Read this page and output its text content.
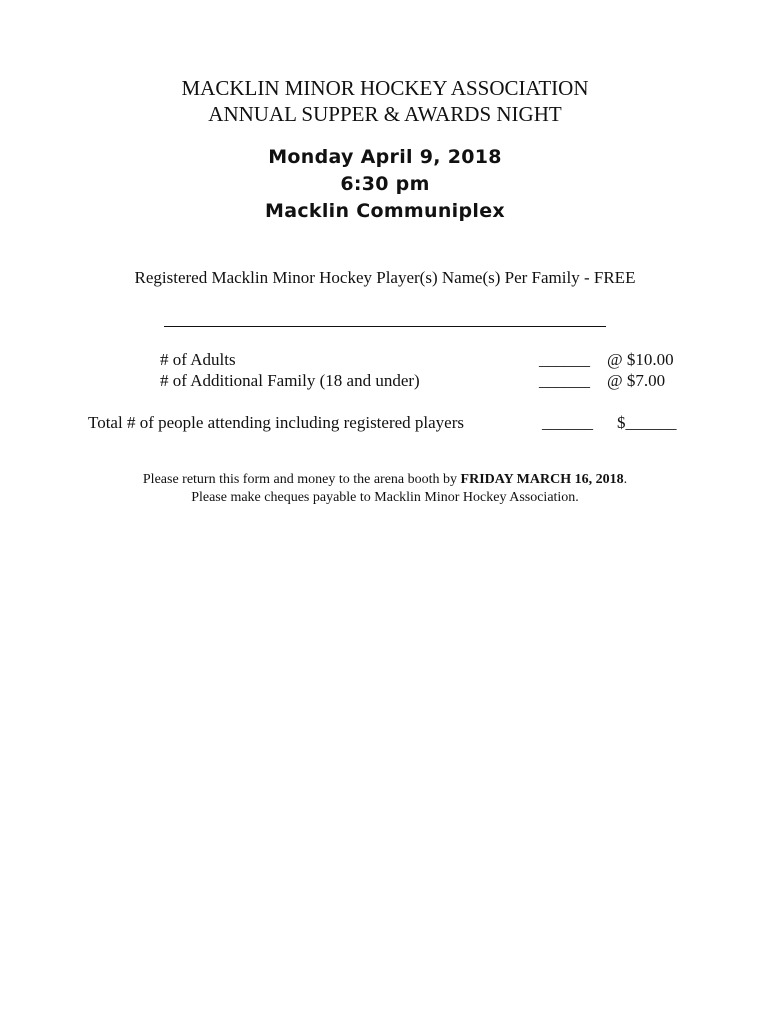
MACKLIN MINOR HOCKEY ASSOCIATION
ANNUAL SUPPER & AWARDS NIGHT
Monday April 9, 2018
6:30 pm
Macklin Communiplex
Registered Macklin Minor Hockey Player(s) Name(s) Per Family - FREE
# of Adults	______ @ $10.00
# of Additional Family (18 and under)	______ @ $7.00
Total # of people attending including registered players	______ $______
Please return this form and money to the arena booth by FRIDAY MARCH 16, 2018.
Please make cheques payable to Macklin Minor Hockey Association.
